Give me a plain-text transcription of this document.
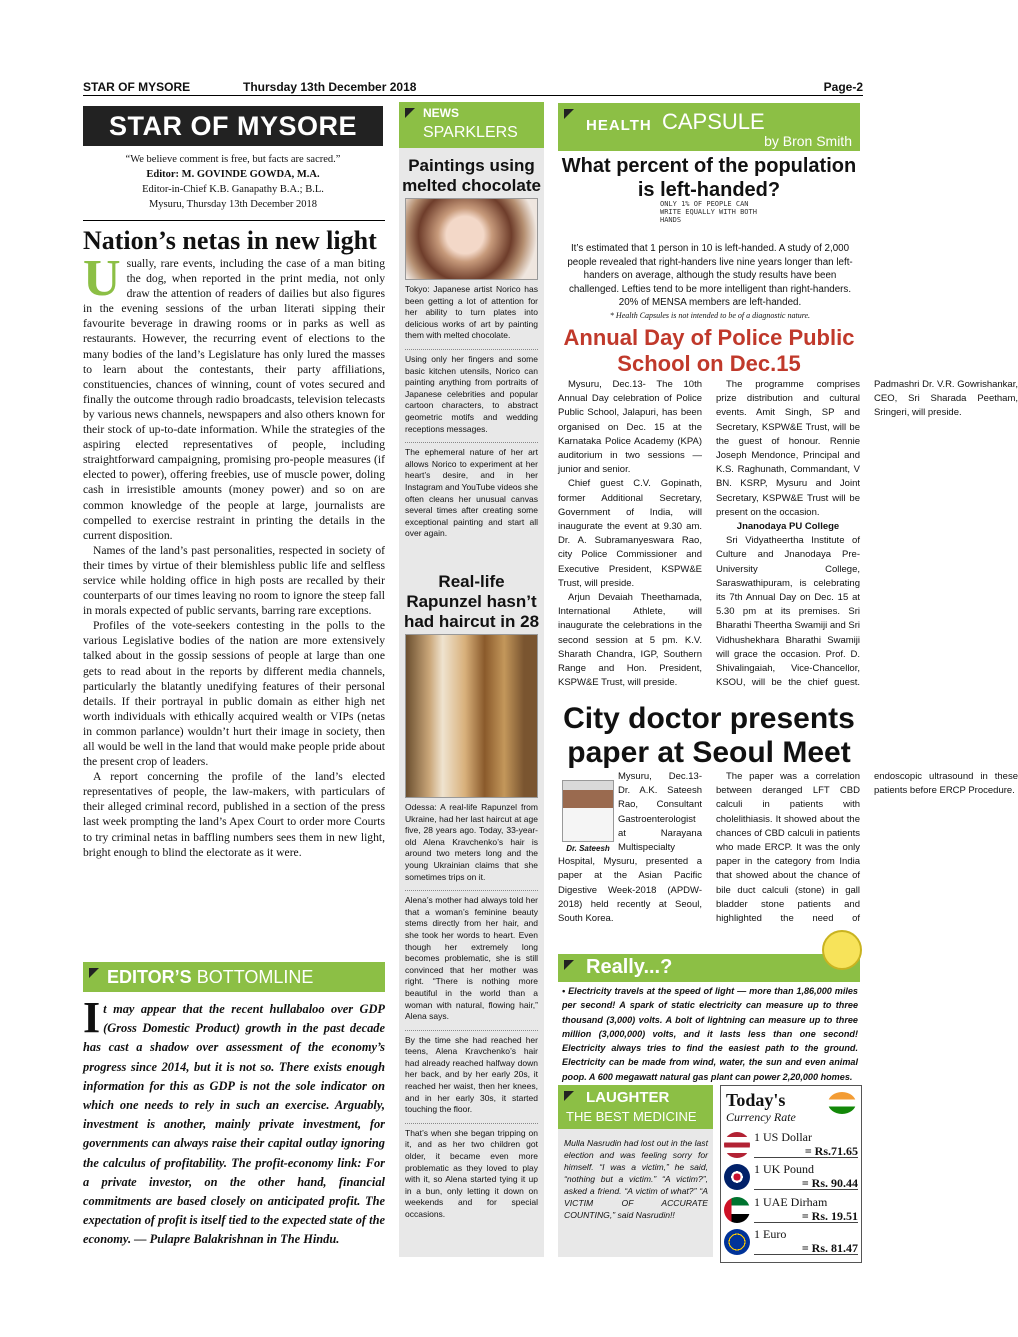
STAR OF MYSORE	Thursday 13th December 2018	Page-2
STAR OF MYSORE
“We believe comment is free, but facts are sacred.”
Editor: M. GOVINDE GOWDA, M.A.
Editor-in-Chief K.B. Ganapathy B.A.; B.L.
Mysuru, Thursday 13th December 2018
Nation’s netas in new light
U sually, rare events, including the case of a man biting the dog, when reported in the print media, not only draw the attention of readers of dailies but also figures in the evening sessions of the urban literati sipping their favourite beverage in drawing rooms or in parks as well as restaurants. However, the recurring event of elections to the many bodies of the land’s Legislature has only lured the masses to learn about the contestants, their party affiliations, constituencies, chances of winning, count of votes secured and finally the outcome through radio broadcasts, television telecasts by various news channels, newspapers and also others known for their stock of up-to-date information. While the strategies of the aspiring elected representatives of people, including straightforward campaigning, promising pro-people measures (if elected to power), offering freebies, use of muscle power, doling cash in irresistible amounts (money power) and so on are common knowledge of the people at large, journalists are compelled to exercise restraint in printing the details in the current disposition.

Names of the land’s past personalities, respected in society of their times by virtue of their blemishless public life and selfless service while holding office in high posts are recalled by their counterparts of our times leaving no room to ignore the steep fall in morals expected of public servants, barring rare exceptions.

Profiles of the vote-seekers contesting in the polls to the various Legislative bodies of the nation are more extensively talked about in the gossip sessions of people at large than one gets to read about in the reports by different media channels, particularly the blatantly unedifying features of their personal details. If their portrayal in public domain as either high net worth individuals with ethically acquired wealth or VIPs (netas in common parlance) wouldn’t hurt their image in society, then all would be well in the land that would make people pride about the present crop of leaders.

A report concerning the profile of the land’s elected representatives of people, the law-makers, with particulars of their alleged criminal record, published in a section of the press last week prompting the land’s Apex Court to order more Courts to try criminal netas in baffling numbers sees them in new light, bright enough to blind the electorate as it were.

EDITOR’S BOTTOMLINE
I t may appear that the recent hullabaloo over GDP (Gross Domestic Product) growth in the past decade has cast a shadow over assessment of the economy’s progress since 2014, but it is not so. There exists enough information for this as GDP is not the sole indicator on which one needs to rely in such an exercise. Arguably, investment is another, mainly private investment, for governments can always raise their capital outlay ignoring the calculus of profitability. The profit-economy link: For a private investor, on the other hand, financial commitments are based closely on anticipated profit. The expectation of profit is itself tied to the expected state of the economy. — Pulapre Balakrishnan in The Hindu.
NEWS
SPARKLERS
Paintings using melted chocolate

Tokyo: Japanese artist Norico has been getting a lot of attention for her ability to turn plates into delicious works of art by painting them with melted chocolate.

Using only her fingers and some basic kitchen utensils, Norico can painting anything from portraits of Japanese celebrities and popular cartoon characters, to abstract geometric motifs and wedding receptions messages.

The ephemeral nature of her art allows Norico to experiment at her heart’s desire, and in her Instagram and YouTube videos she often cleans her unusual canvas several times after creating some exceptional painting and start all over again.

Real-life Rapunzel hasn’t had haircut in 28

Odessa: A real-life Rapunzel from Ukraine, had her last haircut at age five, 28 years ago. Today, 33-year-old Alena Kravchenko’s hair is around two meters long and the young Ukrainian claims that she sometimes trips on it.

Alena’s mother had always told her that a woman’s feminine beauty stems directly from her hair, and she took her words to heart. Even though her extremely long becomes problematic, she is still convinced that her mother was right. “There is nothing more beautiful in the world than a woman with natural, flowing hair,” Alena says.

By the time she had reached her teens, Alena Kravchenko’s hair had already reached halfway down her back, and by her early 20s, it reached her waist, then her knees, and in her early 30s, it started touching the floor.

That’s when she began tripping on it, and as her two children got older, it became even more problematic as they loved to play with it, so Alena started tying it up in a bun, only letting it down on weekends and for special occasions.

HEALTH CAPSULE
by Bron Smith
What percent of the population is left-handed?
ONLY 1% OF PEOPLE CAN WRITE EQUALLY WITH BOTH HANDS
It’s estimated that 1 person in 10 is left-handed. A study of 2,000 people revealed that right-handers live nine years longer than left-handers on average, although the study results have been challenged. Lefties tend to be more intelligent than right-handers. 20% of MENSA members are left-handed.
* Health Capsules is not intended to be of a diagnostic nature.
Annual Day of Police Public School on Dec.15

Mysuru, Dec.13- The 10th Annual Day celebration of Police Public School, Jalapuri, has been organised on Dec. 15 at the Karnataka Police Academy (KPA) auditorium in two sessions — junior and senior.

Chief guest C.V. Gopinath, former Additional Secretary, Government of India, will inaugurate the event at 9.30 am. Dr. A. Subramanyeswara Rao, city Police Commissioner and Executive President, KSPW&E Trust, will preside.

Arjun Devaiah Theethamada, International Athlete, will inaugurate the celebrations in the second session at 5 pm. K.V. Sharath Chandra, IGP, Southern Range and Hon. President, KSPW&E Trust, will preside.

The programme comprises prize distribution and cultural events. Amit Singh, SP and Secretary, KSPW&E Trust, will be the guest of honour. Rennie Joseph Mendonce, Principal and K.S. Raghunath, Commandant, V BN. KSRP, Mysuru and Joint Secretary, KSPW&E Trust will be present on the occasion.

Jnanodaya PU College

Sri Vidyatheertha Institute of Culture and Jnanodaya Pre-University College, Saraswathipuram, is celebrating its 7th Annual Day on Dec. 15 at 5.30 pm at its premises. Sri Bharathi Theertha Swamiji and Sri Vidhushekhara Bharathi Swamiji will grace the occasion. Prof. D. Shivalingaiah, Vice-Chancellor, KSOU, will be the chief guest. Padmashri Dr. V.R. Gowrishankar, CEO, Sri Sharada Peetham, Sringeri, will preside.

City doctor presents paper at Seoul Meet

Mysuru, Dec.13- Dr. A.K. Sateesh Rao, Consultant Gastroenterologist at Narayana Multispecialty Hospital, Mysuru, presented a paper at the Asian Pacific Digestive Week-2018 (APDW-2018) held recently at Seoul, South Korea.

The paper was a correlation between deranged LFT CBD calculi in patients with cholelithiasis. It showed about the chances of CBD calculi in patients who made ERCP. It was the only paper in the category from India that showed about the chance of bile duct calculi (stone) in gall bladder stone patients and highlighted the need of endoscopic ultrasound in these patients before ERCP Procedure.

Dr. Sateesh
Really...?
• Electricity travels at the speed of light — more than 1,86,000 miles per second! A spark of static electricity can measure up to three thousand (3,000) volts. A bolt of lightning can measure up to three million (3,000,000) volts, and it lasts less than one second! Electricity always tries to find the easiest path to the ground. Electricity can be made from wind, water, the sun and even animal poop. A 600 megawatt natural gas plant can power 2,20,000 homes.
LAUGHTER
THE BEST MEDICINE
Mulla Nasrudin had lost out in the last election and was feeling sorry for himself. “I was a victim,” he said, “nothing but a victim.” “A victim?”, asked a friend. “A victim of what?” “A VICTIM OF ACCURATE COUNTING,” said Nasrudin!!
Today's
Currency Rate
1 US Dollar
= Rs.71.65
1 UK Pound
= Rs. 90.44
1 UAE Dirham
= Rs. 19.51
1 Euro
= Rs. 81.47
